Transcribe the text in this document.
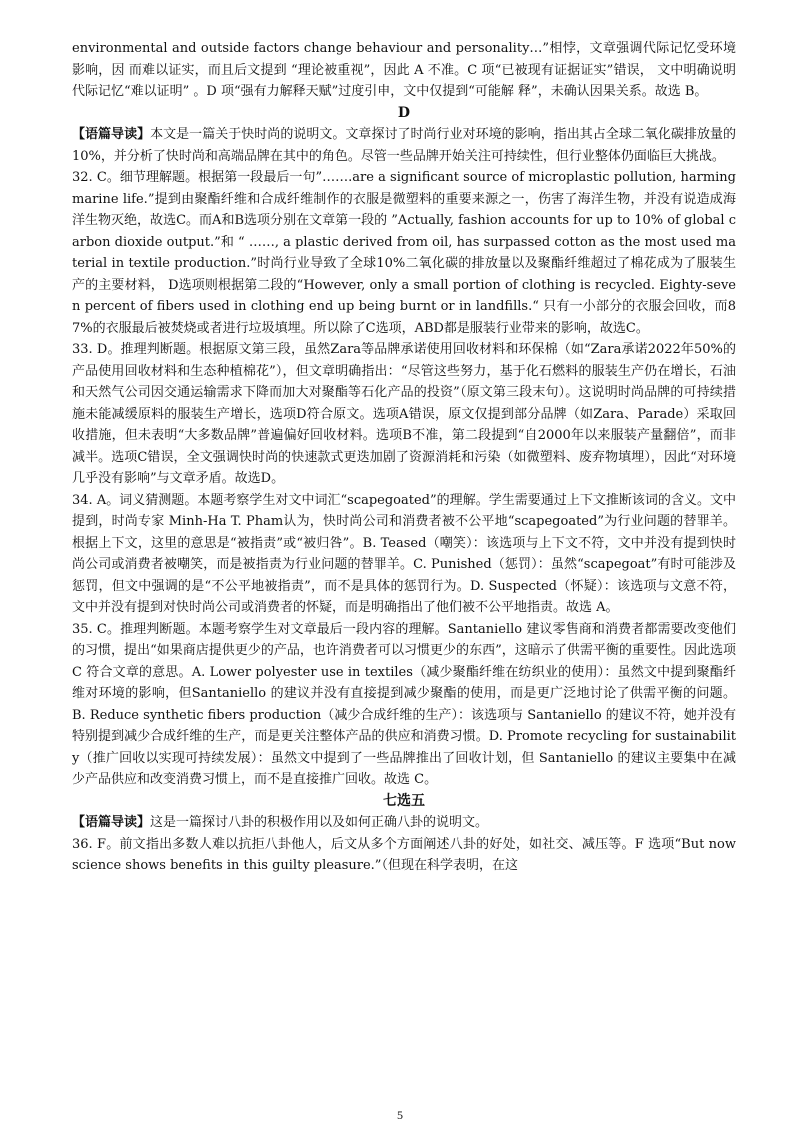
environmental and outside factors change behaviour and personality…”相悖，文章强调代际记忆受环境影响，因 而难以证实，而且后文提到 “理论被重视”，因此 A 不准。C 项“已被现有证据证实”错误， 文中明确说明代际记忆“难以证明” 。D 项“强有力解释天赋”过度引申，文中仅提到“可能解 释”，未确认因果关系。故选 B。

D

【语篇导读】本文是一篇关于快时尚的说明文。文章探讨了时尚行业对环境的影响，指出其占全球二氧化碳排放量的10%，并分析了快时尚和高端品牌在其中的角色。尽管一些品牌开始关注可持续性，但行业整体仍面临巨大挑战。

32. C。细节理解题。根据第一段最后一句”…….are a significant source of microplastic pollution, harming marine life.”提到由聚酯纤维和合成纤维制作的衣服是微塑料的重要来源之一，伤害了海洋生物，并没有说造成海洋生物灭绝，故选C。而A和B选项分别在文章第一段的 ”Actually, fashion accounts for up to 10% of global carbon dioxide output.”和 “ ……, a plastic derived from oil, has surpassed cotton as the most used material in textile production.”时尚行业导致了全球10%二氧化碳的排放量以及聚酯纤维超过了棉花成为了服装生产的主要材料， D选项则根据第二段的“However, only a small portion of clothing is recycled. Eighty-seven percent of fibers used in clothing end up being burnt or in landfills.“ 只有一小部分的衣服会回收，而87%的衣服最后被焚烧或者进行垃圾填埋。所以除了C选项，ABD都是服装行业带来的影响，故选C。

33. D。推理判断题。根据原文第三段，虽然Zara等品牌承诺使用回收材料和环保棉（如“Zara承诺2022年50%的产品使用回收材料和生态种植棉花”），但文章明确指出：“尽管这些努力，基于化石燃料的服装生产仍在增长，石油和天然气公司因交通运输需求下降而加大对聚酯等石化产品的投资”（原文第三段末句）。这说明时尚品牌的可持续措施未能减缓原料的服装生产增长，选项D符合原文。选项A错误，原文仅提到部分品牌（如Zara、Parade）采取回收措施，但未表明“大多数品牌”普遍偏好回收材料。选项B不准，第二段提到“自2000年以来服装产量翻倍”，而非减半。选项C错误，全文强调快时尚的快速款式更迭加剧了资源消耗和污染（如微塑料、废弃物填埋），因此“对环境几乎没有影响”与文章矛盾。故选D。

34. A。词义猜测题。本题考察学生对文中词汇“scapegoated”的理解。学生需要通过上下文推断该词的含义。文中提到，时尚专家 Minh-Ha T. Pham认为，快时尚公司和消费者被不公平地“scapegoated”为行业问题的替罪羊。根据上下文，这里的意思是“被指责”或“被归咎”。B. Teased（嘲笑）：该选项与上下文不符，文中并没有提到快时尚公司或消费者被嘲笑，而是被指责为行业问题的替罪羊。C. Punished（惩罚）：虽然“scapegoat”有时可能涉及惩罚，但文中强调的是“不公平地被指责”，而不是具体的惩罚行为。D. Suspected（怀疑）：该选项与文意不符，文中并没有提到对快时尚公司或消费者的怀疑，而是明确指出了他们被不公平地指责。故选 A。

35. C。推理判断题。本题考察学生对文章最后一段内容的理解。Santaniello 建议零售商和消费者都需要改变他们的习惯，提出“如果商店提供更少的产品，也许消费者可以习惯更少的东西”，这暗示了供需平衡的重要性。因此选项 C 符合文章的意思。A. Lower polyester use in textiles（减少聚酯纤维在纺织业的使用）：虽然文中提到聚酯纤维对环境的影响，但Santaniello 的建议并没有直接提到减少聚酯的使用，而是更广泛地讨论了供需平衡的问题。B. Reduce synthetic fibers production（减少合成纤维的生产）：该选项与 Santaniello 的建议不符，她并没有特别提到减少合成纤维的生产，而是更关注整体产品的供应和消费习惯。D. Promote recycling for sustainability（推广回收以实现可持续发展）：虽然文中提到了一些品牌推出了回收计划，但 Santaniello 的建议主要集中在减少产品供应和改变消费习惯上，而不是直接推广回收。故选 C。

七选五

【语篇导读】这是一篇探讨八卦的积极作用以及如何正确八卦的说明文。

36. F。前文指出多数人难以抗拒八卦他人，后文从多个方面阐述八卦的好处，如社交、减压等。F 选项“But now science shows benefits in this guilty pleasure.”（但现在科学表明，在这

5
